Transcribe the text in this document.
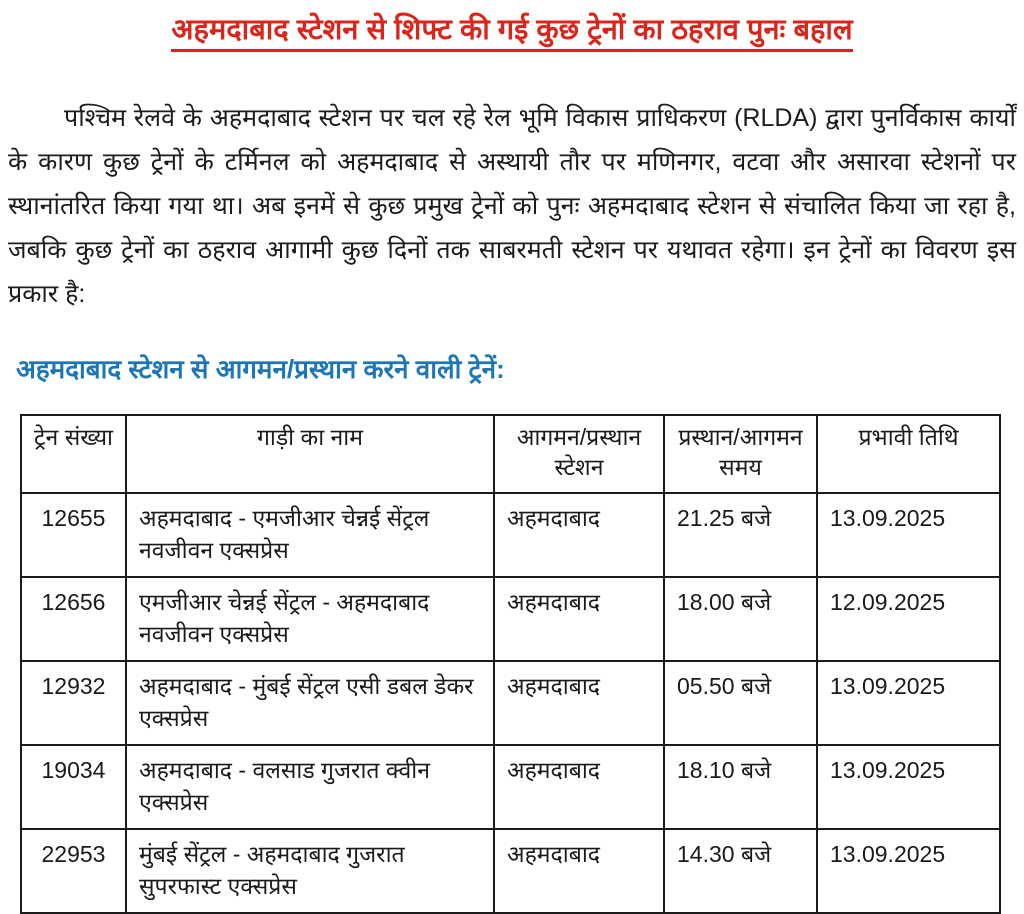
अहमदाबाद स्टेशन से शिफ्ट की गई कुछ ट्रेनों का ठहराव पुनः बहाल

पश्चिम रेलवे के अहमदाबाद स्टेशन पर चल रहे रेल भूमि विकास प्राधिकरण (RLDA) द्वारा पुनर्विकास कार्यों के कारण कुछ ट्रेनों के टर्मिनल को अहमदाबाद से अस्थायी तौर पर मणिनगर, वटवा और असारवा स्टेशनों पर स्थानांतरित किया गया था। अब इनमें से कुछ प्रमुख ट्रेनों को पुनः अहमदाबाद स्टेशन से संचालित किया जा रहा है, जबकि कुछ ट्रेनों का ठहराव आगामी कुछ दिनों तक साबरमती स्टेशन पर यथावत रहेगा। इन ट्रेनों का विवरण इस प्रकार है:

अहमदाबाद स्टेशन से आगमन/प्रस्थान करने वाली ट्रेनें:
ट्रेन संख्या	गाड़ी का नाम	आगमन/प्रस्थान स्टेशन	प्रस्थान/आगमन समय	प्रभावी तिथि
12655	अहमदाबाद - एमजीआर चेन्नई सेंट्रल नवजीवन एक्सप्रेस	अहमदाबाद	21.25 बजे	13.09.2025
12656	एमजीआर चेन्नई सेंट्रल - अहमदाबाद नवजीवन एक्सप्रेस	अहमदाबाद	18.00 बजे	12.09.2025
12932	अहमदाबाद - मुंबई सेंट्रल एसी डबल डेकर एक्सप्रेस	अहमदाबाद	05.50 बजे	13.09.2025
19034	अहमदाबाद - वलसाड गुजरात क्वीन एक्सप्रेस	अहमदाबाद	18.10 बजे	13.09.2025
22953	मुंबई सेंट्रल - अहमदाबाद गुजरात सुपरफास्ट एक्सप्रेस	अहमदाबाद	14.30 बजे	13.09.2025
